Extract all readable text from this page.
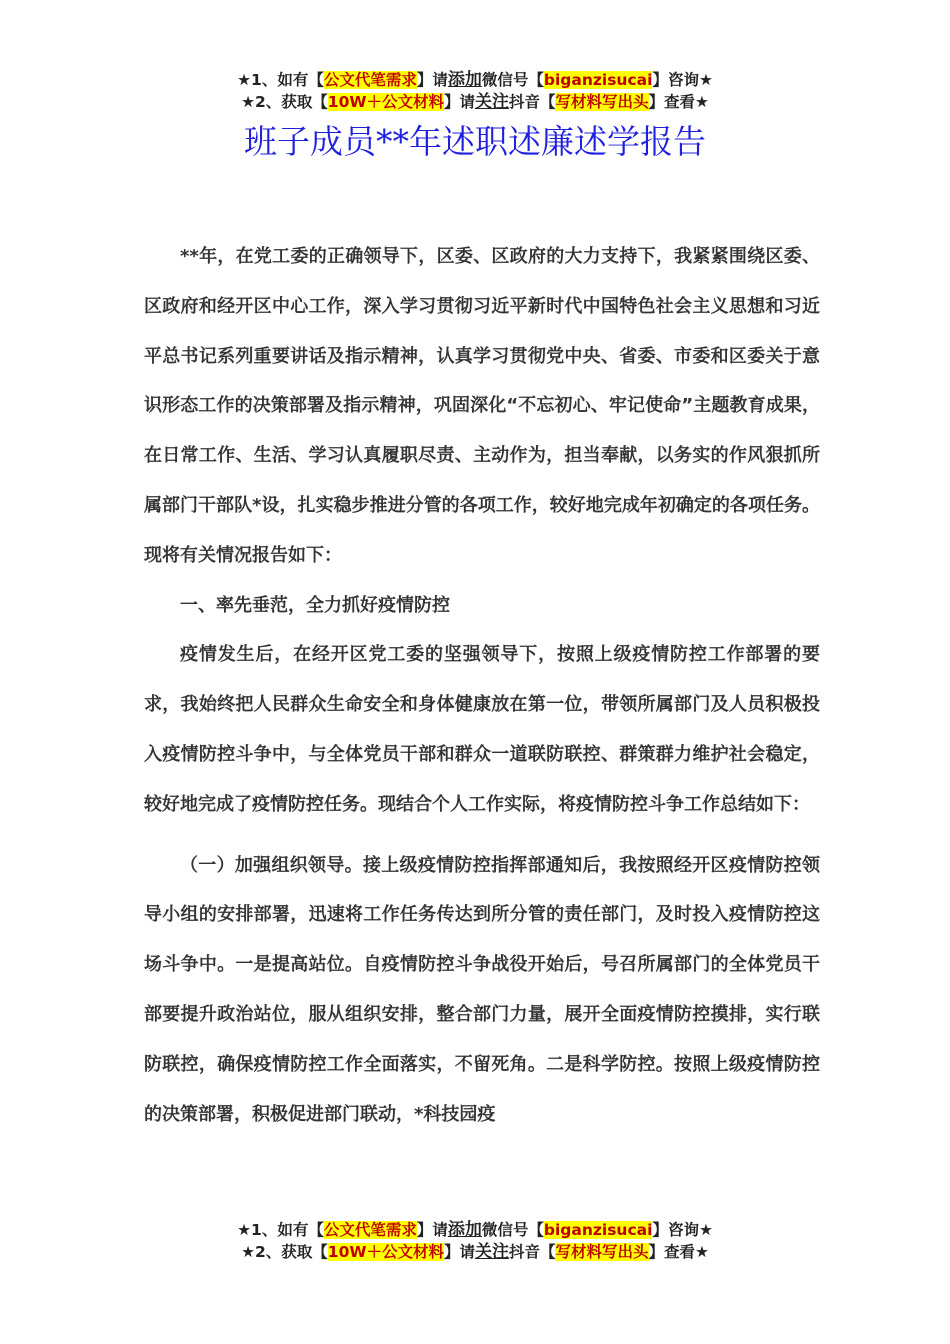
★1、如有【公文代笔需求】请添加微信号【biganzisucai】咨询★
★2、获取【10W＋公文材料】请关注抖音【写材料写出头】查看★
班子成员**年述职述廉述学报告

**年，在党工委的正确领导下，区委、区政府的大力支持下，我紧紧围绕区委、区政府和经开区中心工作，深入学习贯彻习近平新时代中国特色社会主义思想和习近平总书记系列重要讲话及指示精神，认真学习贯彻党中央、省委、市委和区委关于意识形态工作的决策部署及指示精神，巩固深化“不忘初心、牢记使命”主题教育成果，在日常工作、生活、学习认真履职尽责、主动作为，担当奉献，以务实的作风狠抓所属部门干部队*设，扎实稳步推进分管的各项工作，较好地完成年初确定的各项任务。现将有关情况报告如下：

一、率先垂范，全力抓好疫情防控

疫情发生后，在经开区党工委的坚强领导下，按照上级疫情防控工作部署的要求，我始终把人民群众生命安全和身体健康放在第一位，带领所属部门及人员积极投入疫情防控斗争中，与全体党员干部和群众一道联防联控、群策群力维护社会稳定，较好地完成了疫情防控任务。现结合个人工作实际，将疫情防控斗争工作总结如下：

（一）加强组织领导。接上级疫情防控指挥部通知后，我按照经开区疫情防控领导小组的安排部署，迅速将工作任务传达到所分管的责任部门，及时投入疫情防控这场斗争中。一是提高站位。自疫情防控斗争战役开始后，号召所属部门的全体党员干部要提升政治站位，服从组织安排，整合部门力量，展开全面疫情防控摸排，实行联防联控，确保疫情防控工作全面落实，不留死角。二是科学防控。按照上级疫情防控的决策部署，积极促进部门联动，*科技园疫

★1、如有【公文代笔需求】请添加微信号【biganzisucai】咨询★
★2、获取【10W＋公文材料】请关注抖音【写材料写出头】查看★
